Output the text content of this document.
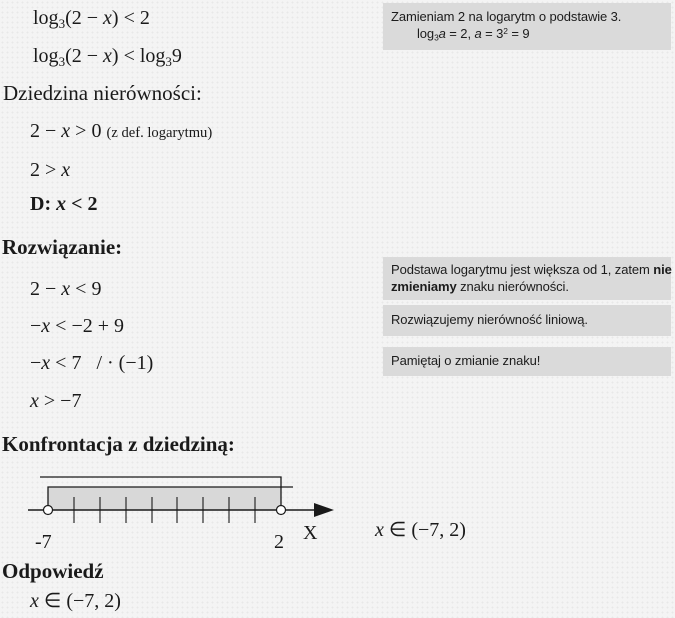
log3(2 − x) < 2
log3(2 − x) < log39
Dziedzina nierówności:
2 − x > 0 (z def. logarytmu)
2 > x
D: x < 2
Rozwiązanie:
2 − x < 9
−x < −2 + 9
−x < 7   / · (−1)
x > −7
Konfrontacja z dziedziną:
-7	2 X	x ∈ (−7, 2)
Odpowiedź
x ∈ (−7, 2)
Zamieniam 2 na logarytm o podstawie 3.
log3a = 2, $a = 3^2 = 9$
Podstawa logarytmu jest większa od 1, zatem nie
zmieniamy znaku nierówności.
Rozwiązujemy nierówność liniową.
Pamiętaj o zmianie znaku!
